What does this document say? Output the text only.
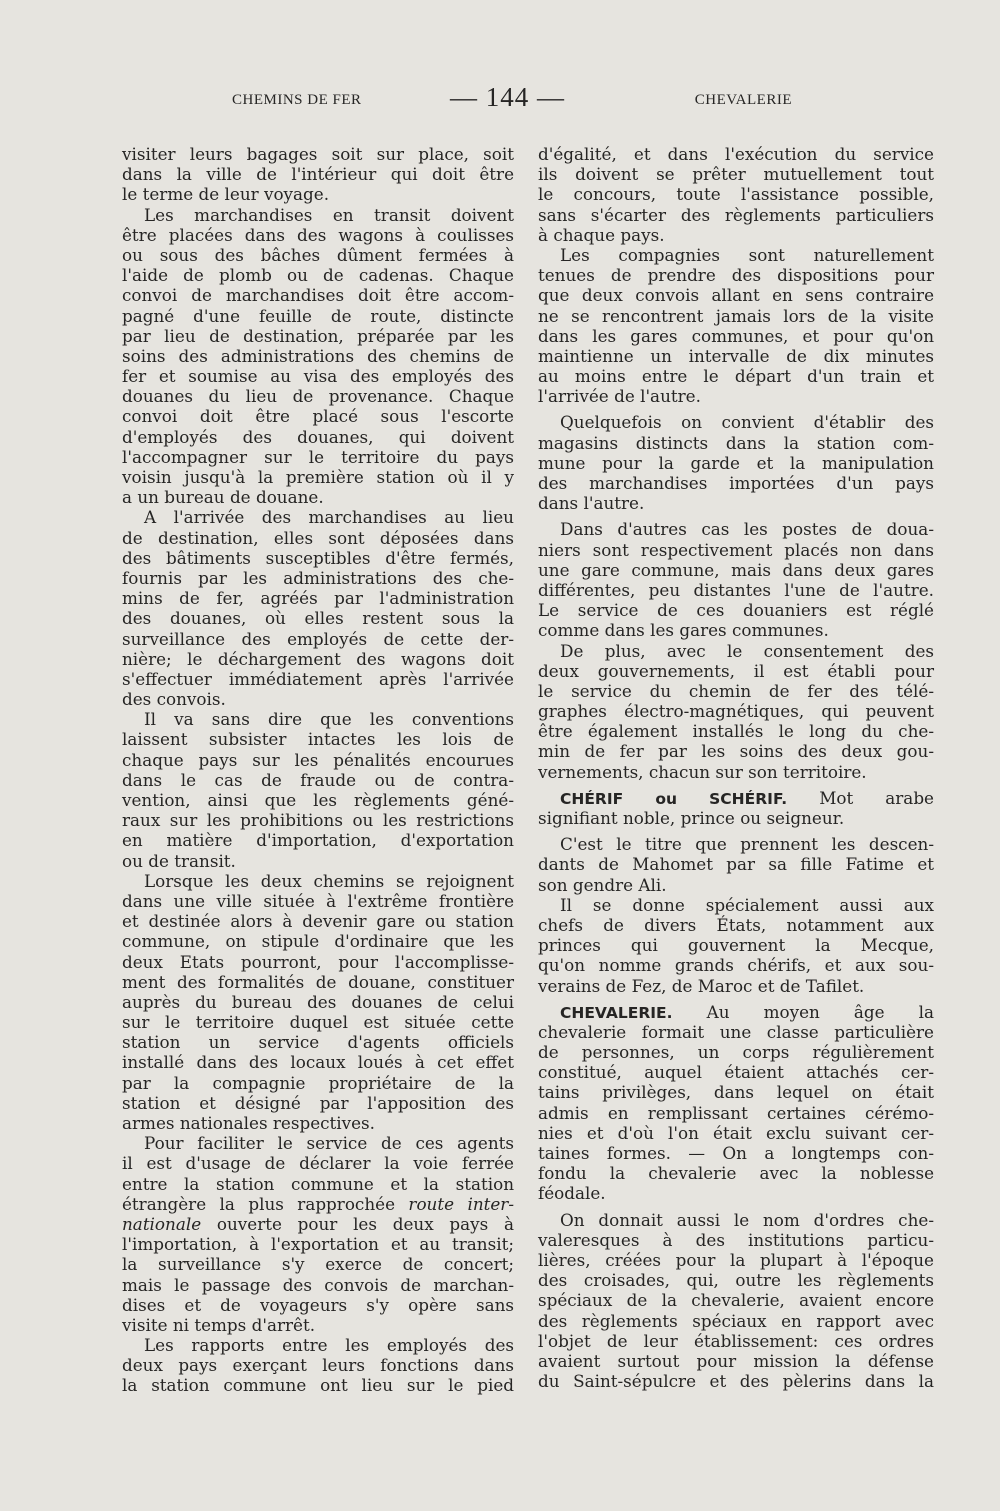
CHEMINS DE FER	— 144 —	CHEVALERIE
visiter leurs bagages soit sur place, soit
dans la ville de l'intérieur qui doit être
le terme de leur voyage.
Les marchandises en transit doivent
être placées dans des wagons à coulisses
ou sous des bâches dûment fermées à
l'aide de plomb ou de cadenas. Chaque
convoi de marchandises doit être accom-
pagné d'une feuille de route, distincte
par lieu de destination, préparée par les
soins des administrations des chemins de
fer et soumise au visa des employés des
douanes du lieu de provenance. Chaque
convoi doit être placé sous l'escorte
d'employés des douanes, qui doivent
l'accompagner sur le territoire du pays
voisin jusqu'à la première station où il y
a un bureau de douane.
A l'arrivée des marchandises au lieu
de destination, elles sont déposées dans
des bâtiments susceptibles d'être fermés,
fournis par les administrations des che-
mins de fer, agréés par l'administration
des douanes, où elles restent sous la
surveillance des employés de cette der-
nière; le déchargement des wagons doit
s'effectuer immédiatement après l'arrivée
des convois.
Il va sans dire que les conventions
laissent subsister intactes les lois de
chaque pays sur les pénalités encourues
dans le cas de fraude ou de contra-
vention, ainsi que les règlements géné-
raux sur les prohibitions ou les restrictions
en matière d'importation, d'exportation
ou de transit.
Lorsque les deux chemins se rejoignent
dans une ville située à l'extrême frontière
et destinée alors à devenir gare ou station
commune, on stipule d'ordinaire que les
deux Etats pourront, pour l'accomplisse-
ment des formalités de douane, constituer
auprès du bureau des douanes de celui
sur le territoire duquel est située cette
station un service d'agents officiels
installé dans des locaux loués à cet effet
par la compagnie propriétaire de la
station et désigné par l'apposition des
armes nationales respectives.
Pour faciliter le service de ces agents
il est d'usage de déclarer la voie ferrée
entre la station commune et la station
étrangère la plus rapprochée route inter-
nationale ouverte pour les deux pays à
l'importation, à l'exportation et au transit;
la surveillance s'y exerce de concert;
mais le passage des convois de marchan-
dises et de voyageurs s'y opère sans
visite ni temps d'arrêt.
Les rapports entre les employés des
deux pays exerçant leurs fonctions dans
la station commune ont lieu sur le pied
d'égalité, et dans l'exécution du service
ils doivent se prêter mutuellement tout
le concours, toute l'assistance possible,
sans s'écarter des règlements particuliers
à chaque pays.
Les compagnies sont naturellement
tenues de prendre des dispositions pour
que deux convois allant en sens contraire
ne se rencontrent jamais lors de la visite
dans les gares communes, et pour qu'on
maintienne un intervalle de dix minutes
au moins entre le départ d'un train et
l'arrivée de l'autre.
Quelquefois on convient d'établir des
magasins distincts dans la station com-
mune pour la garde et la manipulation
des marchandises importées d'un pays
dans l'autre.
Dans d'autres cas les postes de doua-
niers sont respectivement placés non dans
une gare commune, mais dans deux gares
différentes, peu distantes l'une de l'autre.
Le service de ces douaniers est réglé
comme dans les gares communes.
De plus, avec le consentement des
deux gouvernements, il est établi pour
le service du chemin de fer des télé-
graphes électro-magnétiques, qui peuvent
être également installés le long du che-
min de fer par les soins des deux gou-
vernements, chacun sur son territoire.
CHÉRIF ou SCHÉRIF. Mot arabe
signifiant noble, prince ou seigneur.
C'est le titre que prennent les descen-
dants de Mahomet par sa fille Fatime et
son gendre Ali.
Il se donne spécialement aussi aux
chefs de divers États, notamment aux
princes qui gouvernent la Mecque,
qu'on nomme grands chérifs, et aux sou-
verains de Fez, de Maroc et de Tafilet.
CHEVALERIE. Au moyen âge la
chevalerie formait une classe particulière
de personnes, un corps régulièrement
constitué, auquel étaient attachés cer-
tains privilèges, dans lequel on était
admis en remplissant certaines cérémo-
nies et d'où l'on était exclu suivant cer-
taines formes. — On a longtemps con-
fondu la chevalerie avec la noblesse
féodale.
On donnait aussi le nom d'ordres che-
valeresques à des institutions particu-
lières, créées pour la plupart à l'époque
des croisades, qui, outre les règlements
spéciaux de la chevalerie, avaient encore
des règlements spéciaux en rapport avec
l'objet de leur établissement: ces ordres
avaient surtout pour mission la défense
du Saint-sépulcre et des pèlerins dans la
